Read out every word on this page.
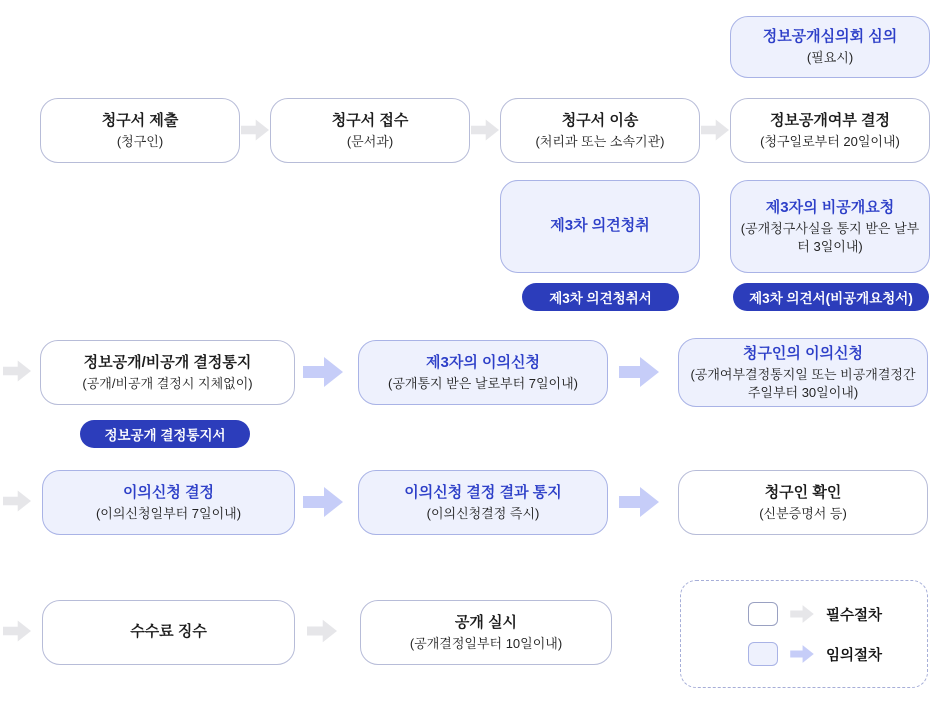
정보공개심의회 심의
(필요시)
청구서 제출
(청구인)
청구서 접수
(문서과)
청구서 이송
(처리과 또는 소속기관)
정보공개여부 결정
(청구일로부터 20일이내)
제3차 의견청취
제3자의 비공개요청
(공개청구사실을 통지 받은 날부터 3일이내)
제3차 의견청취서	제3차 의견서(비공개요청서)
정보공개/비공개 결정통지
(공개/비공개 결정시 지체없이)
제3자의 이의신청
(공개통지 받은 날로부터 7일이내)
청구인의 이의신청
(공개여부결정통지일 또는 비공개결정간주일부터 30일이내)
정보공개 결정통지서
이의신청 결정
(이의신청일부터 7일이내)
이의신청 결정 결과 통지
(이의신청결정 즉시)
청구인 확인
(신분증명서 등)
수수료 징수
공개 실시
(공개결정일부터 10일이내)
필수절차
임의절차
